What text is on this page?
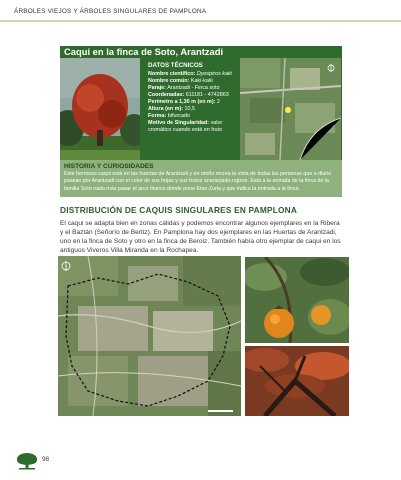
ÁRBOLES VIEJOS Y ÁRBOLES SINGULARES DE PAMPLONA
Caqui en la finca de Soto, Arantzadi
DATOS TÉCNICOS
Nombre científico: Dyospiros kaki
Nombre común: Kaki-kaki
Paraje: Arantzadi - Finca soto
Coordenadas: 611181 - 4742863
Perímetro a 1,30 m (en m): 2
Altura (en m): 10,5
Forma: bifurcado
Motivo de Singularidad: valor
cromático cuando está en fruto
HISTORIA Y CURIOSIDADES
Este hermoso caqui está en las huertas de Arantzadi y en otoño recrea la vista de todas las personas que a diario pasean por Arantzadi con el color de sus hojas y sus frutos anaranjado-rojizos. Está a la entrada de la finca de la familia Soto nada más pasar el arco blanco donde pone Etxe-Zuria y que indica la entrada a la finca.
DISTRIBUCIÓN DE CAQUIS SINGULARES EN PAMPLONA
El caqui se adapta bien en zonas cálidas y podemos encontrar algunos ejemplares en la Ribera y el Baztán (Señorío de Bertiz). En Pamplona hay dos ejemplares en las Huertas de Arantzadi, uno en la finca de Soto y otro en la finca de Beroiz. También había otro ejemplar de caqui en los antiguos Viveros Villa Miranda en la Rochapea.
98
